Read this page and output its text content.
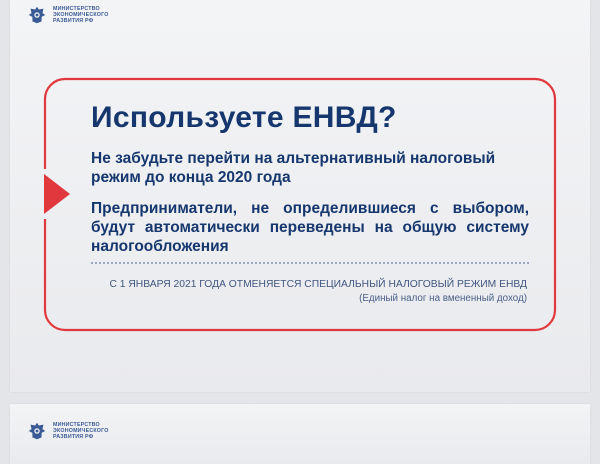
МИНИСТЕРСТВО
ЭКОНОМИЧЕСКОГО
РАЗВИТИЯ РФ
Используете ЕНВД?

Не забудьте перейти на альтернативный налоговый режим до конца 2020 года

Предприниматели, не определившиеся с выбором, будут автоматически переведены на общую систему налогообложения

С 1 ЯНВАРЯ 2021 ГОДА ОТМЕНЯЕТСЯ СПЕЦИАЛЬНЫЙ НАЛОГОВЫЙ РЕЖИМ ЕНВД
(Единый налог на вмененный доход)
МИНИСТЕРСТВО
ЭКОНОМИЧЕСКОГО
РАЗВИТИЯ РФ
